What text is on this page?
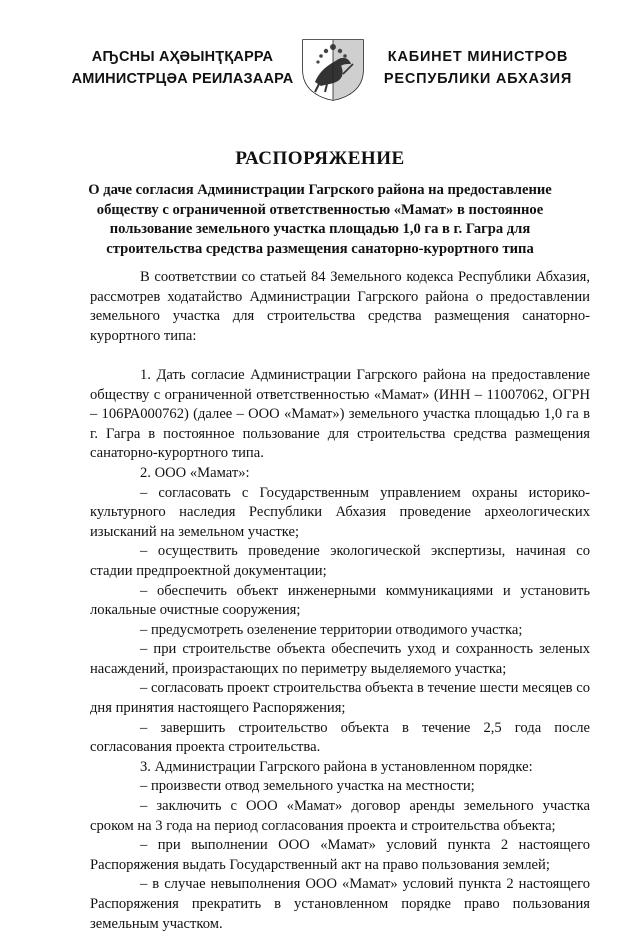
АҦСНЫ АҲӘЫНҬҚАРРА
АМИНИСТРЦӘА РЕИЛАЗААРА
КАБИНЕТ МИНИСТРОВ
РЕСПУБЛИКИ АБХАЗИЯ
РАСПОРЯЖЕНИЕ
О даче согласия Администрации Гагрского района на предоставление
обществу с ограниченной ответственностью «Мамат» в постоянное
пользование земельного участка площадью 1,0 га в г. Гагра для
строительства средства размещения санаторно-курортного типа

В соответствии со статьей 84 Земельного кодекса Республики Абхазия, рассмотрев ходатайство Администрации Гагрского района о предоставлении земельного участка для строительства средства размещения санаторно-курортного типа:

1. Дать согласие Администрации Гагрского района на предоставление обществу с ограниченной ответственностью «Мамат» (ИНН – 11007062, ОГРН – 106РА000762) (далее – ООО «Мамат») земельного участка площадью 1,0 га в г. Гагра в постоянное пользование для строительства средства размещения санаторно-курортного типа.

2. ООО «Мамат»:

– согласовать с Государственным управлением охраны историко-культурного наследия Республики Абхазия проведение археологических изысканий на земельном участке;

– осуществить проведение экологической экспертизы, начиная со стадии предпроектной документации;

– обеспечить объект инженерными коммуникациями и установить локальные очистные сооружения;

– предусмотреть озеленение территории отводимого участка;

– при строительстве объекта обеспечить уход и сохранность зеленых насаждений, произрастающих по периметру выделяемого участка;

– согласовать проект строительства объекта в течение шести месяцев со дня принятия настоящего Распоряжения;

– завершить строительство объекта в течение 2,5 года после согласования проекта строительства.

3. Администрации Гагрского района в установленном порядке:

– произвести отвод земельного участка на местности;

– заключить с ООО «Мамат» договор аренды земельного участка сроком на 3 года на период согласования проекта и строительства объекта;

– при выполнении ООО «Мамат» условий пункта 2 настоящего Распоряжения выдать Государственный акт на право пользования землей;

– в случае невыполнения ООО «Мамат» условий пункта 2 настоящего Распоряжения прекратить в установленном порядке право пользования земельным участком.
